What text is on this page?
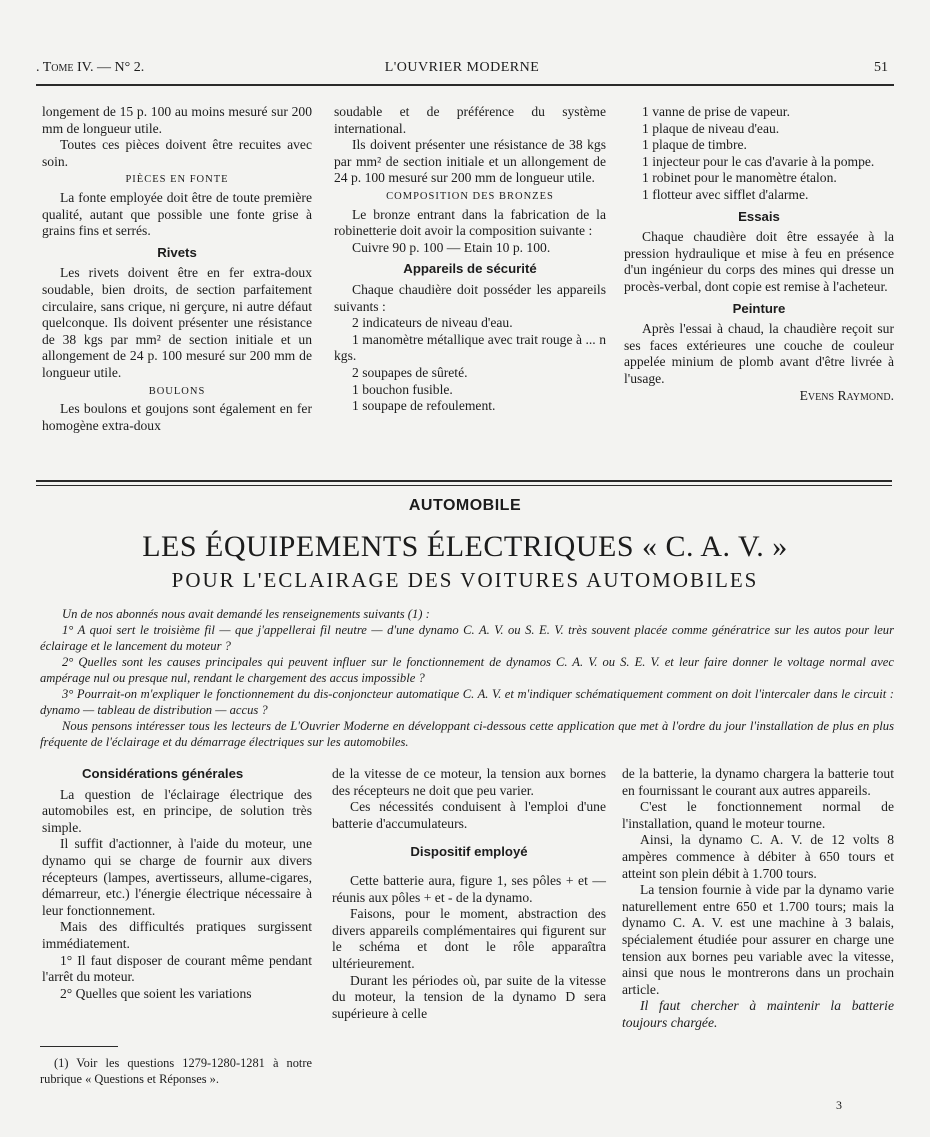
. Tome IV. — N° 2.	L'OUVRIER MODERNE	51

longement de 15 p. 100 au moins mesuré sur 200 mm de longueur utile.

Toutes ces pièces doivent être recuites avec soin.

PIÈCES EN FONTE

La fonte employée doit être de toute première qualité, autant que possible une fonte grise à grains fins et serrés.

Rivets

Les rivets doivent être en fer extra-doux soudable, bien droits, de section parfaitement circulaire, sans crique, ni gerçure, ni autre défaut quelconque. Ils doivent présenter une résistance de 38 kgs par mm² de section initiale et un allongement de 24 p. 100 mesuré sur 200 mm de longueur utile.

BOULONS

Les boulons et goujons sont également en fer homogène extra-doux

soudable et de préférence du système international.

Ils doivent présenter une résistance de 38 kgs par mm² de section initiale et un allongement de 24 p. 100 mesuré sur 200 mm de longueur utile.

COMPOSITION DES BRONZES

Le bronze entrant dans la fabrication de la robinetterie doit avoir la composition suivante :

Cuivre 90 p. 100 — Etain 10 p. 100.

Appareils de sécurité

Chaque chaudière doit posséder les appareils suivants :

2 indicateurs de niveau d'eau.

1 manomètre métallique avec trait rouge à ... n kgs.

2 soupapes de sûreté.

1 bouchon fusible.

1 soupape de refoulement.

1 vanne de prise de vapeur.

1 plaque de niveau d'eau.

1 plaque de timbre.

1 injecteur pour le cas d'avarie à la pompe.

1 robinet pour le manomètre étalon.

1 flotteur avec sifflet d'alarme.

Essais

Chaque chaudière doit être essayée à la pression hydraulique et mise à feu en présence d'un ingénieur du corps des mines qui dresse un procès-verbal, dont copie est remise à l'acheteur.

Peinture

Après l'essai à chaud, la chaudière reçoit sur ses faces extérieures une couche de couleur appelée minium de plomb avant d'être livrée à l'usage.

Evens Raymond.
AUTOMOBILE
LES ÉQUIPEMENTS ÉLECTRIQUES « C. A. V. »
POUR L'ECLAIRAGE DES VOITURES AUTOMOBILES

Un de nos abonnés nous avait demandé les renseignements suivants (1) :

1° A quoi sert le troisième fil — que j'appellerai fil neutre — d'une dynamo C. A. V. ou S. E. V. très souvent placée comme génératrice sur les autos pour leur éclairage et le lancement du moteur ?

2° Quelles sont les causes principales qui peuvent influer sur le fonctionnement de dynamos C. A. V. ou S. E. V. et leur faire donner le voltage normal avec ampérage nul ou presque nul, rendant le chargement des accus impossible ?

3° Pourrait-on m'expliquer le fonctionnement du dis-conjoncteur automatique C. A. V. et m'indiquer schématiquement comment on doit l'intercaler dans le circuit : dynamo — tableau de distribution — accus ?

Nous pensons intéresser tous les lecteurs de L'Ouvrier Moderne en développant ci-dessous cette application que met à l'ordre du jour l'installation de plus en plus fréquente de l'éclairage et du démarrage électriques sur les automobiles.

Considérations générales

La question de l'éclairage électrique des automobiles est, en principe, de solution très simple.

Il suffit d'actionner, à l'aide du moteur, une dynamo qui se charge de fournir aux divers récepteurs (lampes, avertisseurs, allume-cigares, démarreur, etc.) l'énergie électrique nécessaire à leur fonctionnement.

Mais des difficultés pratiques surgissent immédiatement.

1° Il faut disposer de courant même pendant l'arrêt du moteur.

2° Quelles que soient les variations

de la vitesse de ce moteur, la tension aux bornes des récepteurs ne doit que peu varier.

Ces nécessités conduisent à l'emploi d'une batterie d'accumulateurs.

Dispositif employé

Cette batterie aura, figure 1, ses pôles + et — réunis aux pôles + et - de la dynamo.

Faisons, pour le moment, abstraction des divers appareils complémentaires qui figurent sur le schéma et dont le rôle apparaîtra ultérieurement.

Durant les périodes où, par suite de la vitesse du moteur, la tension de la dynamo D sera supérieure à celle

de la batterie, la dynamo chargera la batterie tout en fournissant le courant aux autres appareils.

C'est le fonctionnement normal de l'installation, quand le moteur tourne.

Ainsi, la dynamo C. A. V. de 12 volts 8 ampères commence à débiter à 650 tours et atteint son plein débit à 1.700 tours.

La tension fournie à vide par la dynamo varie naturellement entre 650 et 1.700 tours; mais la dynamo C. A. V. est une machine à 3 balais, spécialement étudiée pour assurer en charge une tension aux bornes peu variable avec la vitesse, ainsi que nous le montrerons dans un prochain article.

Il faut chercher à maintenir la batterie toujours chargée.

(1) Voir les questions 1279-1280-1281 à notre rubrique « Questions et Réponses ».

3
